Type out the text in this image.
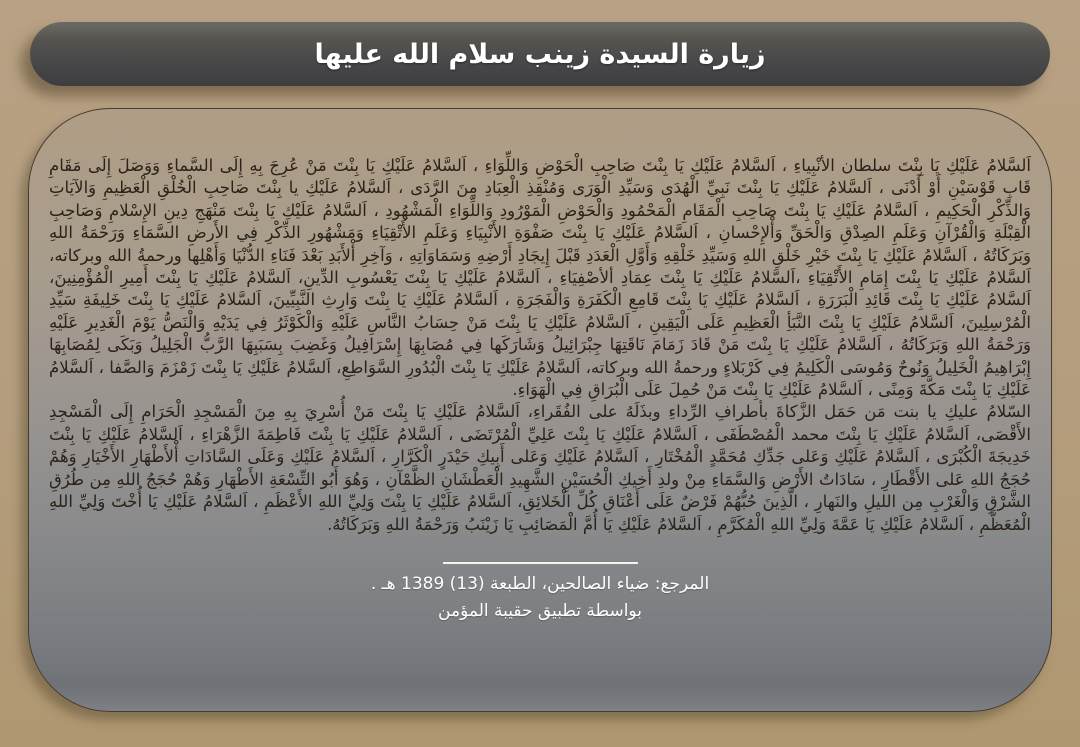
زيارة السيدة زينب سلام الله عليها

اَلسَّلامُ عَلَيْكِ يَا بِنْتَ سلطان الأنْبِياءِ ، اَلسَّلامُ عَلَيْكِ يَا بِنْتَ صَاحِبِ الْحَوْضِ وَاللِّوَاءِ ، اَلسَّلامُ عَلَيْكِ يَا بِنْتَ مَنْ عُرِجَ بِهِ إِلَى السَّماءِ وَوَصَلَ إِلَى مَقَامِ قَابِ قَوْسَيْنِ أَوْ أَدْنَى ، اَلسَّلامُ عَلَيْكِ يَا بِنْتَ نَبِيِّ الْهُدَى وَسَيِّدِ الْوَرَى وَمُنْقِذِ الْعِبَادِ مِنَ الرَّدَى ، اَلسَّلامُ عَلَيْكِ يا بِنْتَ صَاحِبِ الْخُلْقِ الْعَظِيمِ وَالآيَاتِ وَالذِّكْرِ الْحَكِيمِ ، اَلسَّلامُ عَلَيْكِ يَا بِنْتَ صَاحِبِ الْمَقَامِ الْمَحْمُودِ وَالْحَوْضِ الْمَوْرُودِ وَاللِّوَاءِ الْمَشْهُودِ ، اَلسَّلامُ عَلَيْكِ يَا بِنْتَ مَنْهَجِ دِينِ الإِسْلامِ وَصَاحِبِ الْقِبْلَةِ وَالْقُرْآنِ وَعَلَمِ الصِدْقِ وَالْحَقِّ وَأْلإِحْسانِ ، اَلسَّلامُ عَلَيْكِ يَا بِنْتَ صَفْوَةِ الأَنْبِيَاءِ وَعَلَمِ الأَتْقِيَاءِ وَمَشْهُورِ الذِّكْرِ فِي الأَرضِ السَّمَاءِ وَرَحْمَةُ اللهِ وَبَرَكَاتُهُ ، اَلسَّلامُ عَلَيْكِ يَا بِنْتَ خَيْرِ خَلْقِ اللهِ وَسَيِّدِ خَلْقِهِ وَأَوَّلِ الْعَدَدِ قَبْلَ إِيجَادِ أَرْضِهِ وَسَمَاوَاتِهِ ، وَآخِرِ أْلأَبَدِ بَعْدَ فَنَاءِ الدُّنْيَا وَأَهْلِها ورحمةُ الله وبركاته، اَلسَّلامُ عَلَيْكِ يَا بِنْتَ إِمَامِ الأَتْقِيَاءِ ،اَلسَّلامُ عَلَيْكِ يَا بِنْتَ عِمَادِ ألأصْفِيَاءِ ، اَلسَّلامُ عَلَيْكِ يَا بِنْتَ يَعْسُوبِ الدِّينِ، اَلسَّلامُ عَلَيْكِ يَا بِنْتَ أَمِيرِ الْمُؤْمِنِينَ، اَلسَّلامُ عَلَيْكِ يَا بِنْتَ قَائِدِ الْبَرَرَةِ ، اَلسَّلامُ عَلَيْكِ يَا بِنْتَ قَامِعِ الْكَفَرَةِ وَالْفَجَرَةِ ، اَلسَّلامُ عَلَيْكِ يَا بِنْتَ وَارِثِ النَّبِيِّينَ، اَلسَّلامُ عَلَيْكِ يَا بِنْتَ خَلِيفَةِ سَيِّدِ الْمُرْسِلِينَ، اَلسَّلامُ عَلَيْكِ يَا بِنْتَ النَّبَأِ الْعَظِيمِ عَلَى الْيَقِينِ ، اَلسَّلامُ عَلَيْكِ يَا بِنْتَ مَنْ حِسَابُ النَّاسِ عَلَيْهِ وَالْكَوْثَرُ فِي يَدَيْهِ وَالْنَصُّ يَوْمَ الْغَدِيرِ عَلَيْهِ وَرَحْمَةُ اللهِ وَبَرَكَاتُهُ ، اَلسَّلامُ عَلَيْكِ يَا بِنْتَ مَنْ قَادَ زَمَامَ نَاقَتِهَا جِبْرَائِيلُ وَشَارَكَها فِي مُصَابِهَا إِسْرَافِيلُ وَغَضِبَ بِسَبَبِهَا الرَّبُّ الْجَلِيلُ وَبَكَى لِمُصَابِهَا إِبْرَاهِيمُ الْخَلِيلُ وَنُوحٌ وَمُوسَى الْكَلِيمُ فِي كَرْبَلاءٍ ورحمةُ الله وبركاته، اَلسَّلامُ عَلَيْكِ يَا بِنْتَ الْبُدُورِ السَّوَاطِعِ، اَلسَّلامُ عَلَيْكِ يَا بِنْتَ زَمْزَمَ وَالصَّفا ، اَلسَّلامُ عَلَيْكِ يَا بِنْتَ مَكَّةَ وَمِنًى ، اَلسَّلامُ عَلَيْكِ يَا بِنْتَ مَنْ حُمِلَ عَلَى الْبُرَاقِ فِي الْهَوَاءِ.

السّلامُ عليكِ يا بنت مَن حَمَل الزَّكاةَ بأطرافِ الرِّداءِ وبذَلَهُ على الفُقَراءِ، اَلسَّلامُ عَلَيْكِ يَا بِنْتَ مَنْ أُسْرِيَ بِهِ مِنَ الْمَسْجِدِ الْحَرَامِ إِلَى الْمَسْجِدِ الأَقْصَى، اَلسَّلامُ عَلَيْكِ يَا بِنْتَ محمد الْمُصْطَفَى ، اَلسَّلامُ عَلَيْكِ يَا بِنْتَ عَلِيِّ الْمُرْتَضَى ، اَلسَّلامُ عَلَيْكِ يَا بِنْتَ فَاطِمَةَ الزَّهْرَاءِ ، اَلسَّلامُ عَلَيْكِ يَا بِنْتَ خَدِيجَةَ الْكُبْرَى ، اَلسَّلامُ عَلَيْكِ وَعَلى جَدِّكِ مُحَمَّدٍ الْمُخْتَارِ ، اَلسَّلامُ عَلَيْكِ وَعَلى أَبِيكِ حَيْدَرٍ الْكَرَّارِ ، اَلسَّلامُ عَلَيْكِ وَعَلَى السَّادَاتِ أْلأَطْهَارِ الأَخْيَارِ وَهُمْ حُجَجُ اللهِ عَلى الأَقْطَارِ ، سَادَاتُ الأَرْضِ وَالسَّمَاءِ مِنْ ولدِ أَخِيكِ الْحُسَيْنِ الشَّهِيدِ الْعَطْشَانِ الظَّمْآنِ ، وَهُوَ أَبُو التِّسْعَةِ الأَطْهَارِ وَهُمْ حُجَجُ اللهِ مِن طُرُقِ الشَّرْقِ وَالْغَرْبِ مِن الليلِ والنَهارِ ، الَّذِينَ حُبُّهُمْ فَرْضٌ عَلَى أَعْنَاقِ كُلِّ الْخَلائِقِ، اَلسَّلامُ عَلَيْكِ يَا بِنْتَ وَلِيِّ اللهِ الأَعْظَمِ ، اَلسَّلامُ عَلَيْكِ يَا أُخْتَ وَلِيِّ اللهِ الْمُعَظَّمِ ، اَلسَّلامُ عَلَيْكِ يَا عَمَّةَ وَلِيِّ اللهِ الْمُكَرَّمِ ، اَلسَّلامُ عَلَيْكِ يَا أُمَّ الْمَصَائِبِ يَا زَيْنَبُ وَرَحْمَةُ اللهِ وَبَرَكَاتُهُ.

المرجع: ضياء الصالحين، الطبعة (13) 1389 هـ .
بواسطة تطبيق حقيبة المؤمن
